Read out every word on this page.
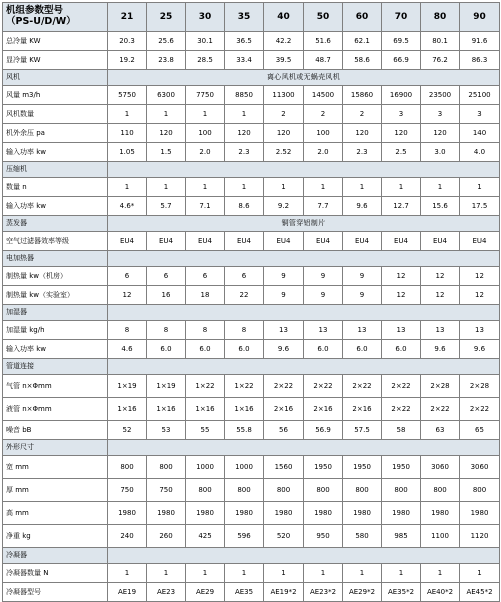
机组参数型号
（PS-U/D/W）	21	25	30	35	40	50	60	70	80	90
总冷量 KW	20.3	25.6	30.1	36.5	42.2	51.6	62.1	69.5	80.1	91.6
显冷量 KW	19.2	23.8	28.5	33.4	39.5	48.7	58.6	66.9	76.2	86.3
风机	离心风机或无蜗壳风机									
风量 m3/h	5750	6300	7750	8850	11300	14500	15860	16900	23500	25100
风机数量	1	1	1	1	2	2	2	3	3	3
机外余压 pa	110	120	100	120	120	100	120	120	120	140
输入功率 kw	1.05	1.5	2.0	2.3	2.52	2.0	2.3	2.5	3.0	4.0
压缩机										
数量 n	1	1	1	1	1	1	1	1	1	1
输入功率 kw	4.6*	5.7	7.1	8.6	9.2	7.7	9.6	12.7	15.6	17.5
蒸发器	铜管穿铝制片									
空气过滤器效率等级	EU4	EU4	EU4	EU4	EU4	EU4	EU4	EU4	EU4	EU4
电加热器										
制热量 kw（机房）	6	6	6	6	9	9	9	12	12	12
制热量 kw（实验室）	12	16	18	22	9	9	9	12	12	12
加湿器										
加湿量 kg/h	8	8	8	8	13	13	13	13	13	13
输入功率 kw	4.6	6.0	6.0	6.0	9.6	6.0	6.0	6.0	9.6	9.6
管道连接										
气管 n×Φmm	1×19	1×19	1×22	1×22	2×22	2×22	2×22	2×22	2×28	2×28
液管 n×Φmm	1×16	1×16	1×16	1×16	2×16	2×16	2×16	2×22	2×22	2×22
噪音 bB	52	53	55	55.8	56	56.9	57.5	58	63	65
外形尺寸										
宽 mm	800	800	1000	1000	1560	1950	1950	1950	3060	3060
厚 mm	750	750	800	800	800	800	800	800	800	800
高 mm	1980	1980	1980	1980	1980	1980	1980	1980	1980	1980
净重 kg	240	260	425	596	520	950	580	985	1100	1120
冷凝器										
冷凝器数量 N	1	1	1	1	1	1	1	1	1	1
冷凝器型号	AE19	AE23	AE29	AE35	AE19*2	AE23*2	AE29*2	AE35*2	AE40*2	AE45*2
